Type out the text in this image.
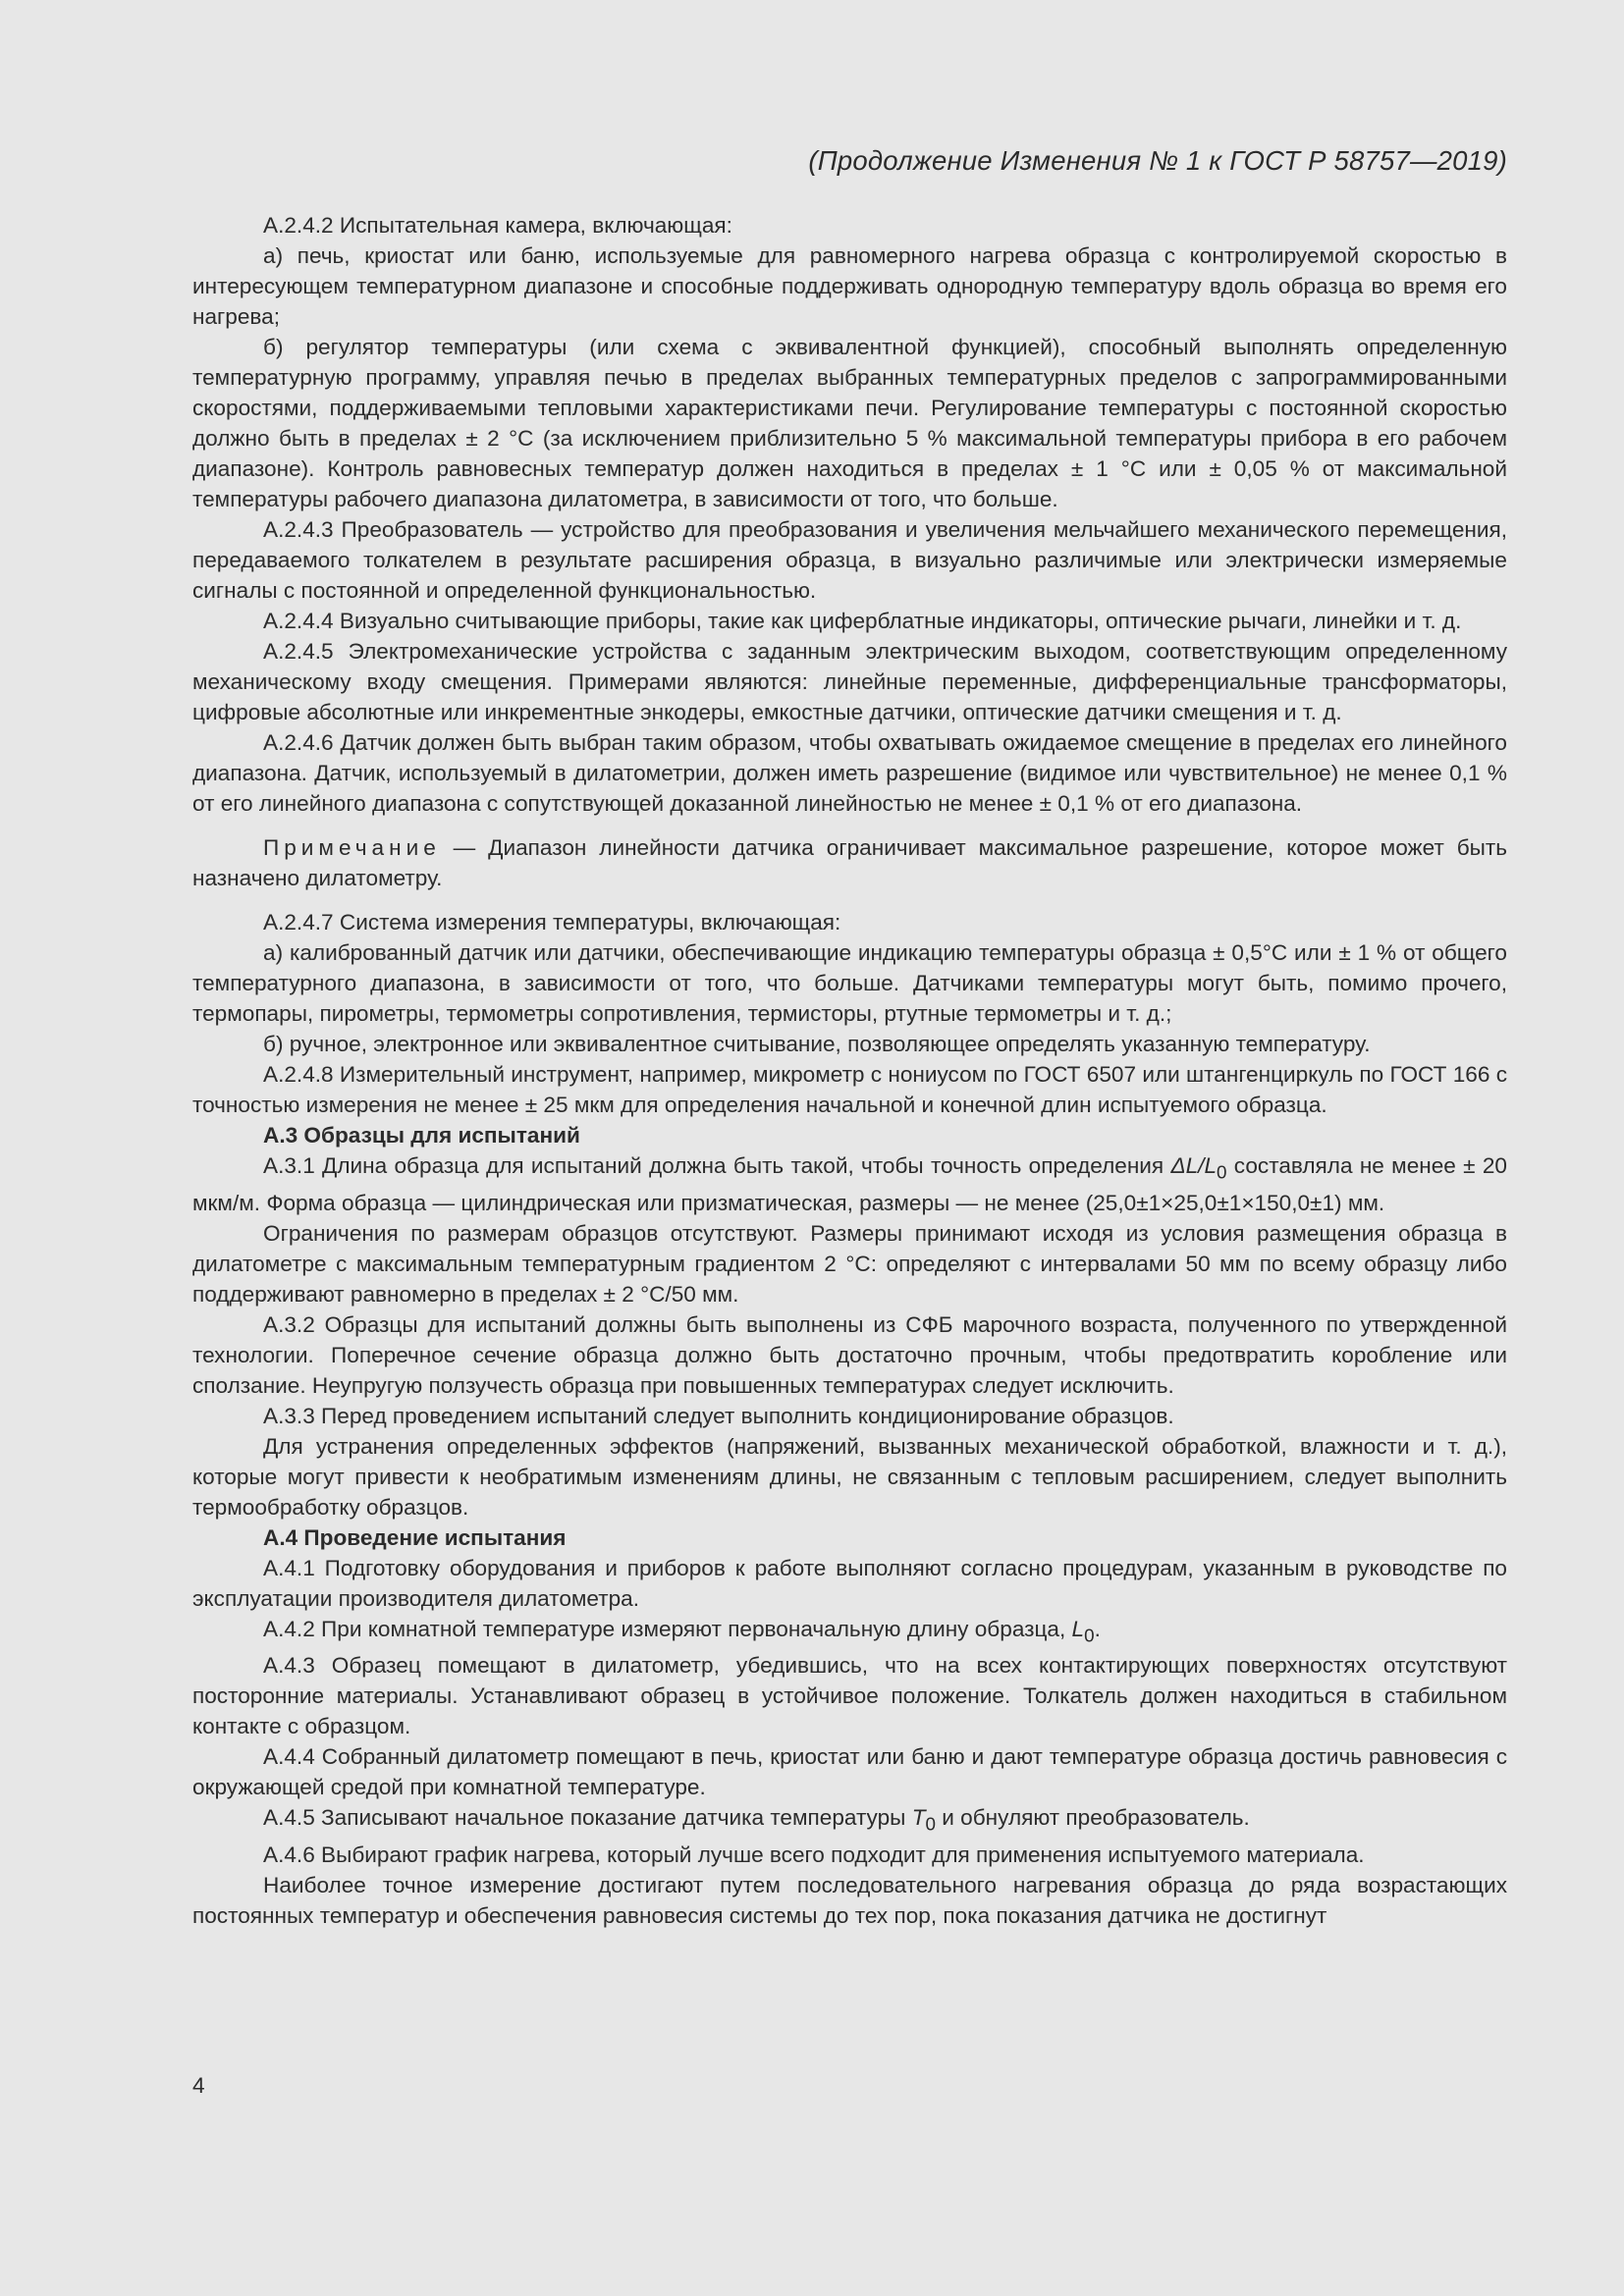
(Продолжение Изменения № 1 к ГОСТ Р 58757—2019)

А.2.4.2 Испытательная камера, включающая:

а) печь, криостат или баню, используемые для равномерного нагрева образца с контролируемой скоростью в интересующем температурном диапазоне и способные поддерживать однородную температуру вдоль образца во время его нагрева;

б) регулятор температуры (или схема с эквивалентной функцией), способный выполнять определенную температурную программу, управляя печью в пределах выбранных температурных пределов с запрограммированными скоростями, поддерживаемыми тепловыми характеристиками печи. Регулирование температуры с постоянной скоростью должно быть в пределах ± 2 °С (за исключением приблизительно 5 % максимальной температуры прибора в его рабочем диапазоне). Контроль равновесных температур должен находиться в пределах ± 1 °С или ± 0,05 % от максимальной температуры рабочего диапазона дилатометра, в зависимости от того, что больше.

А.2.4.3 Преобразователь — устройство для преобразования и увеличения мельчайшего механического перемещения, передаваемого толкателем в результате расширения образца, в визуально различимые или электрически измеряемые сигналы с постоянной и определенной функциональностью.

А.2.4.4 Визуально считывающие приборы, такие как циферблатные индикаторы, оптические рычаги, линейки и т. д.

А.2.4.5 Электромеханические устройства с заданным электрическим выходом, соответствующим определенному механическому входу смещения. Примерами являются: линейные переменные, дифференциальные трансформаторы, цифровые абсолютные или инкрементные энкодеры, емкостные датчики, оптические датчики смещения и т. д.

А.2.4.6 Датчик должен быть выбран таким образом, чтобы охватывать ожидаемое смещение в пределах его линейного диапазона. Датчик, используемый в дилатометрии, должен иметь разрешение (видимое или чувствительное) не менее 0,1 % от его линейного диапазона с сопутствующей доказанной линейностью не менее ± 0,1 % от его диапазона.

Примечание — Диапазон линейности датчика ограничивает максимальное разрешение, которое может быть назначено дилатометру.

А.2.4.7 Система измерения температуры, включающая:

а) калиброванный датчик или датчики, обеспечивающие индикацию температуры образца ± 0,5°С или ± 1 % от общего температурного диапазона, в зависимости от того, что больше. Датчиками температуры могут быть, помимо прочего, термопары, пирометры, термометры сопротивления, термисторы, ртутные термометры и т. д.;

б) ручное, электронное или эквивалентное считывание, позволяющее определять указанную температуру.

А.2.4.8 Измерительный инструмент, например, микрометр с нониусом по ГОСТ 6507 или штангенциркуль по ГОСТ 166 с точностью измерения не менее ± 25 мкм для определения начальной и конечной длин испытуемого образца.

А.3 Образцы для испытаний

А.3.1 Длина образца для испытаний должна быть такой, чтобы точность определения $\Delta L/L_0$ составляла не менее ± 20 мкм/м. Форма образца — цилиндрическая или призматическая, размеры — не менее (25,0±1×25,0±1×150,0±1) мм.

Ограничения по размерам образцов отсутствуют. Размеры принимают исходя из условия размещения образца в дилатометре с максимальным температурным градиентом 2 °С: определяют с интервалами 50 мм по всему образцу либо поддерживают равномерно в пределах ± 2 °С/50 мм.

А.3.2 Образцы для испытаний должны быть выполнены из СФБ марочного возраста, полученного по утвержденной технологии. Поперечное сечение образца должно быть достаточно прочным, чтобы предотвратить коробление или сползание. Неупругую ползучесть образца при повышенных температурах следует исключить.

А.3.3 Перед проведением испытаний следует выполнить кондиционирование образцов.

Для устранения определенных эффектов (напряжений, вызванных механической обработкой, влажности и т. д.), которые могут привести к необратимым изменениям длины, не связанным с тепловым расширением, следует выполнить термообработку образцов.

А.4 Проведение испытания

А.4.1 Подготовку оборудования и приборов к работе выполняют согласно процедурам, указанным в руководстве по эксплуатации производителя дилатометра.

А.4.2 При комнатной температуре измеряют первоначальную длину образца, $L_0$.

А.4.3 Образец помещают в дилатометр, убедившись, что на всех контактирующих поверхностях отсутствуют посторонние материалы. Устанавливают образец в устойчивое положение. Толкатель должен находиться в стабильном контакте с образцом.

А.4.4 Собранный дилатометр помещают в печь, криостат или баню и дают температуре образца достичь равновесия с окружающей средой при комнатной температуре.

А.4.5 Записывают начальное показание датчика температуры $T_0$ и обнуляют преобразователь.

А.4.6 Выбирают график нагрева, который лучше всего подходит для применения испытуемого материала.

Наиболее точное измерение достигают путем последовательного нагревания образца до ряда возрастающих постоянных температур и обеспечения равновесия системы до тех пор, пока показания датчика не достигнут

4
